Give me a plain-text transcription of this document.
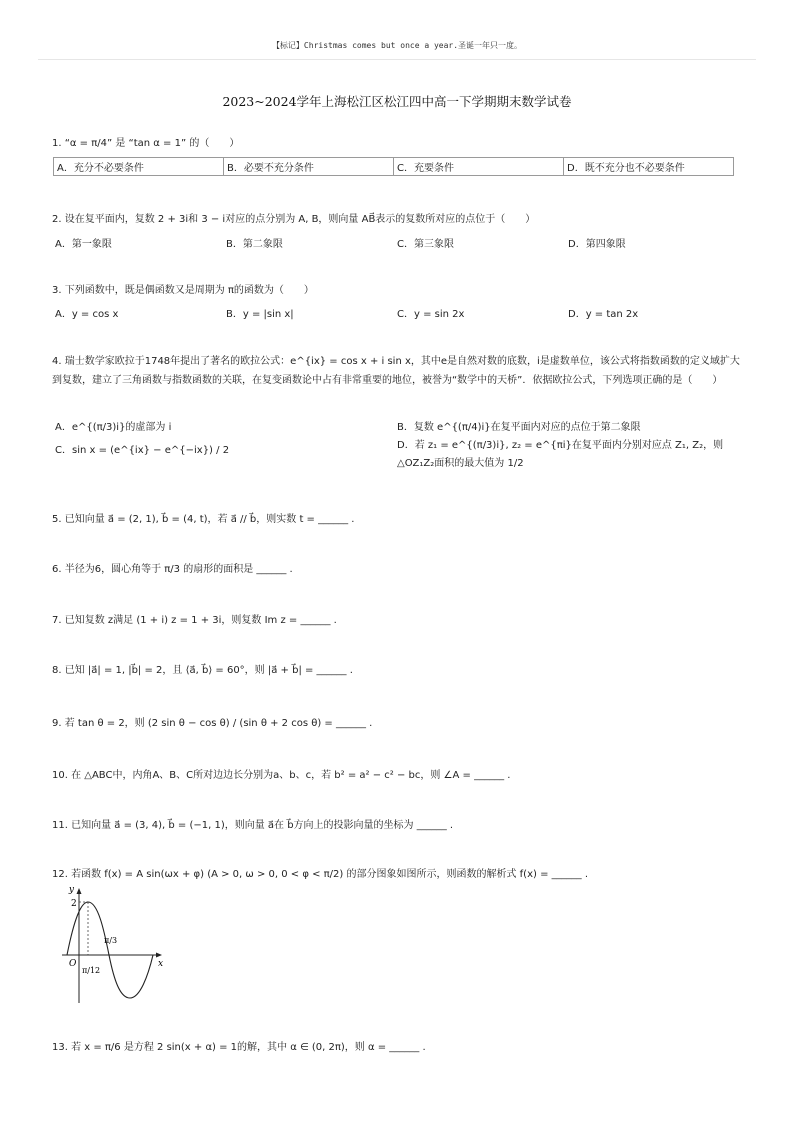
【标记】Christmas comes but once a year.圣诞一年只一度。
2023~2024学年上海松江区松江四中高一下学期期末数学试卷
1. “α = π/4” 是 “tan α = 1” 的（　　）
A．充分不必要条件	B．必要不充分条件	C．充要条件	D．既不充分也不必要条件
2. 设在复平面内，复数 2 + 3i和 3 − i对应的点分别为 A, B，则向量 AB⃗表示的复数所对应的点位于（　　）
A．第一象限	B．第二象限	C．第三象限	D．第四象限
3. 下列函数中，既是偶函数又是周期为 π的函数为（　　）
A．y = cos x	B．y = |sin x|	C．y = sin 2x	D．y = tan 2x
4. 瑞士数学家欧拉于1748年提出了著名的欧拉公式：e^{ix} = cos x + i sin x，其中e是自然对数的底数，i是虚数单位，该公式将指数函数的定义域扩大到复数，建立了三角函数与指数函数的关联，在复变函数论中占有非常重要的地位，被誉为“数学中的天桥”．依据欧拉公式，下列选项正确的是（　　）
A．e^{(π/3)i}的虚部为 i	B．复数 e^{(π/4)i}在复平面内对应的点位于第二象限
C．sin x = (e^{ix} − e^{−ix}) / 2	D．若 z₁ = e^{(π/3)i}, z₂ = e^{πi}在复平面内分别对应点 Z₁, Z₂，则 △OZ₁Z₂面积的最大值为 1/2
5. 已知向量 a⃗ = (2, 1), b⃗ = (4, t)，若 a⃗ // b⃗，则实数 t = ______ .
6. 半径为6，圆心角等于 π/3 的扇形的面积是 ______ .
7. 已知复数 z满足 (1 + i) z = 1 + 3i，则复数 Im z = ______ .
8. 已知 |a⃗| = 1, |b⃗| = 2，且 ⟨a⃗, b⃗⟩ = 60°，则 |a⃗ + b⃗| = ______ .
9. 若 tan θ = 2，则 (2 sin θ − cos θ) / (sin θ + 2 cos θ) = ______ .
10. 在 △ABC中，内角A、B、C所对边边长分别为a、b、c，若 b² = a² − c² − bc，则 ∠A = ______ .
11. 已知向量 a⃗ = (3, 4), b⃗ = (−1, 1)，则向量 a⃗在 b⃗方向上的投影向量的坐标为 ______ .
12. 若函数 f(x) = A sin(ωx + φ) (A > 0, ω > 0, 0 < φ < π/2) 的部分图象如图所示，则函数的解析式 f(x) = ______ .
y
x
O
2
π/12
π/3
13. 若 x = π/6 是方程 2 sin(x + α) = 1的解，其中 α ∈ (0, 2π)，则 α = ______ .
